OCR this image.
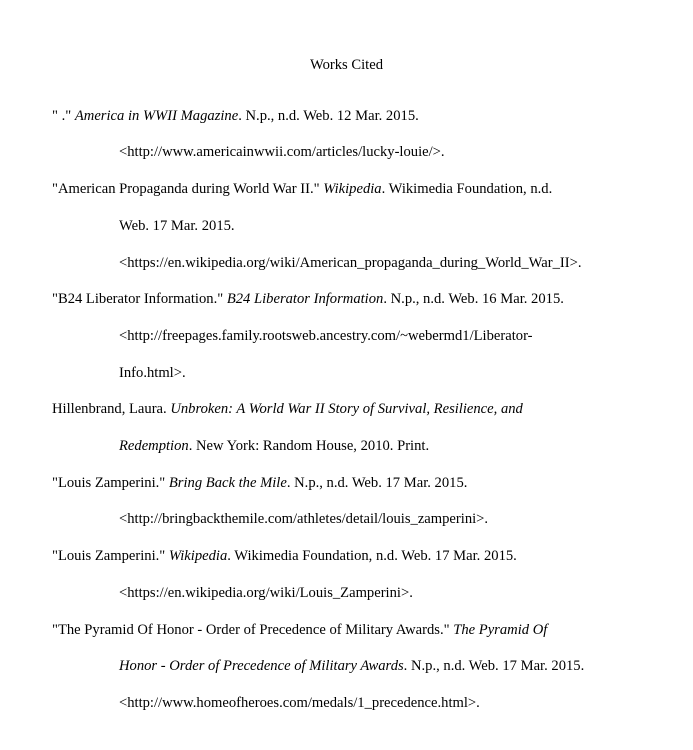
Works Cited
" ." America in WWII Magazine. N.p., n.d. Web. 12 Mar. 2015.
<http://www.americainwwii.com/articles/lucky-louie/>.
"American Propaganda during World War II." Wikipedia. Wikimedia Foundation, n.d.
Web. 17 Mar. 2015.
<https://en.wikipedia.org/wiki/American_propaganda_during_World_War_II>.
"B24 Liberator Information." B24 Liberator Information. N.p., n.d. Web. 16 Mar. 2015.
<http://freepages.family.rootsweb.ancestry.com/~webermd1/Liberator-
Info.html>.
Hillenbrand, Laura. Unbroken: A World War II Story of Survival, Resilience, and
Redemption. New York: Random House, 2010. Print.
"Louis Zamperini." Bring Back the Mile. N.p., n.d. Web. 17 Mar. 2015.
<http://bringbackthemile.com/athletes/detail/louis_zamperini>.
"Louis Zamperini." Wikipedia. Wikimedia Foundation, n.d. Web. 17 Mar. 2015.
<https://en.wikipedia.org/wiki/Louis_Zamperini>.
"The Pyramid Of Honor - Order of Precedence of Military Awards." The Pyramid Of
Honor - Order of Precedence of Military Awards. N.p., n.d. Web. 17 Mar. 2015.
<http://www.homeofheroes.com/medals/1_precedence.html>.
